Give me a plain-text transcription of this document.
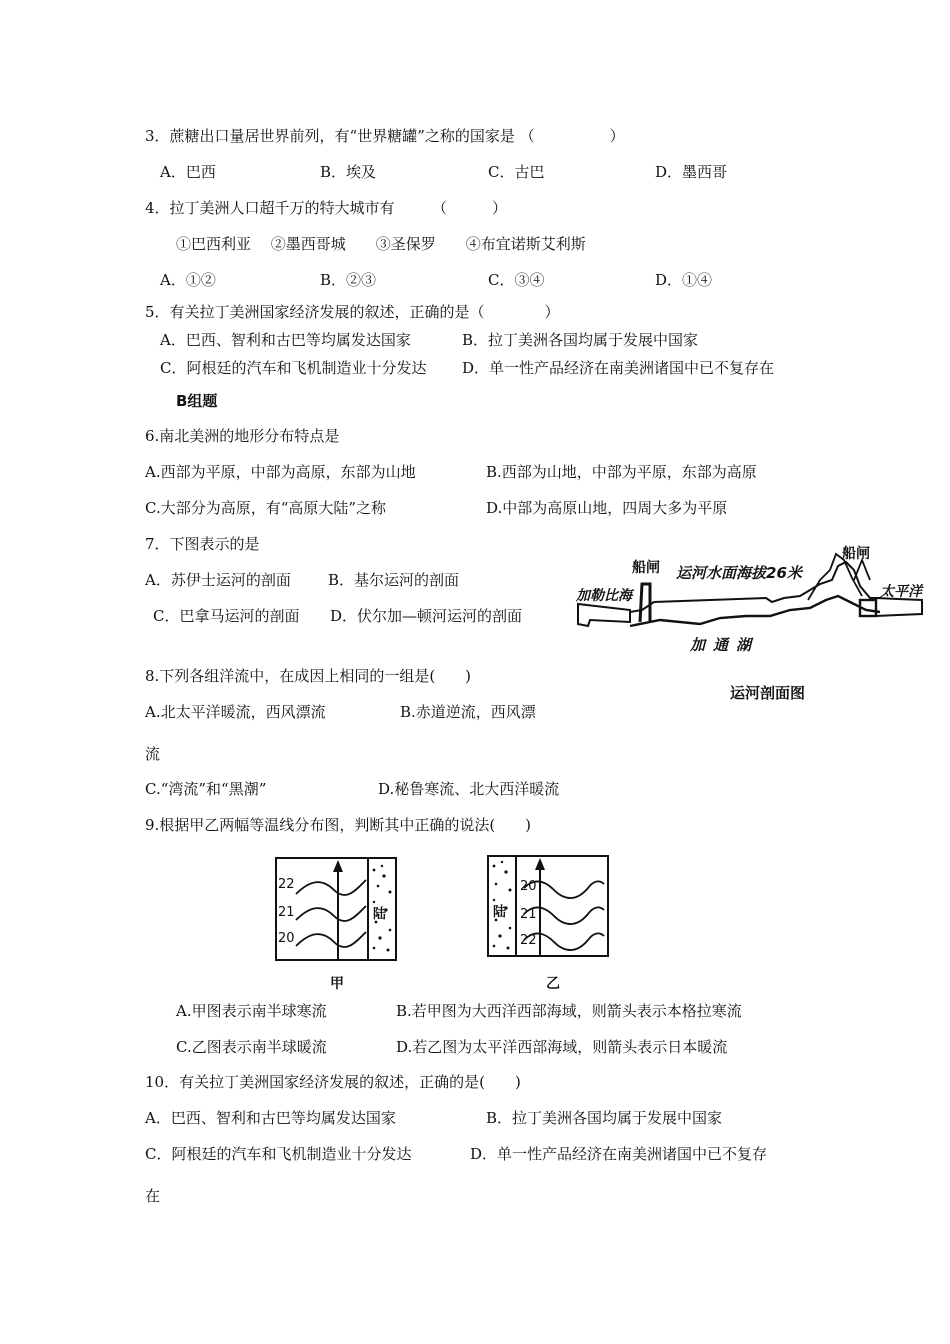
3．蔗糖出口量居世界前列，有“世界糖罐”之称的国家是 （　　　　　）
A．巴西	B．埃及	C．古巴	D．墨西哥
4．拉丁美洲人口超千万的特大城市有　　　（　　　）
①巴西利亚　 ②墨西哥城　　③圣保罗　　④布宜诺斯艾利斯
A．①②	B．②③	C．③④	D．①④
5．有关拉丁美洲国家经济发展的叙述，正确的是（　　　　）
A．巴西、智利和古巴等均属发达国家	B．拉丁美洲各国均属于发展中国家
C．阿根廷的汽车和飞机制造业十分发达 D．单一性产品经济在南美洲诸国中已不复存在
B组题
6.南北美洲的地形分布特点是
A.西部为平原，中部为高原，东部为山地	B.西部为山地，中部为平原，东部为高原
C.大部分为高原，有“高原大陆”之称	D.中部为高原山地，四周大多为平原
7．下图表示的是
A．苏伊士运河的剖面 B．基尔运河的剖面
C．巴拿马运河的剖面 D．伏尔加—顿河运河的剖面
加勒比海
船闸 运河水面海拔26米
船闸
太平洋
加通湖
运河剖面图
8.下列各组洋流中，在成因上相同的一组是(　　)
A.北太平洋暖流，西风漂流	B.赤道逆流，西风漂
流
C.“湾流”和“黑潮”	D.秘鲁寒流、北大西洋暖流
9.根据甲乙两幅等温线分布图，判断其中正确的说法(　　)
陆
22
21
20
甲
陆
20
21
22
乙
A.甲图表示南半球寒流	B.若甲图为大西洋西部海域，则箭头表示本格拉寒流
C.乙图表示南半球暖流	D.若乙图为太平洋西部海域，则箭头表示日本暖流
10．有关拉丁美洲国家经济发展的叙述，正确的是(　　)
A．巴西、智利和古巴等均属发达国家	B．拉丁美洲各国均属于发展中国家
C．阿根廷的汽车和飞机制造业十分发达	D．单一性产品经济在南美洲诸国中已不复存
在
